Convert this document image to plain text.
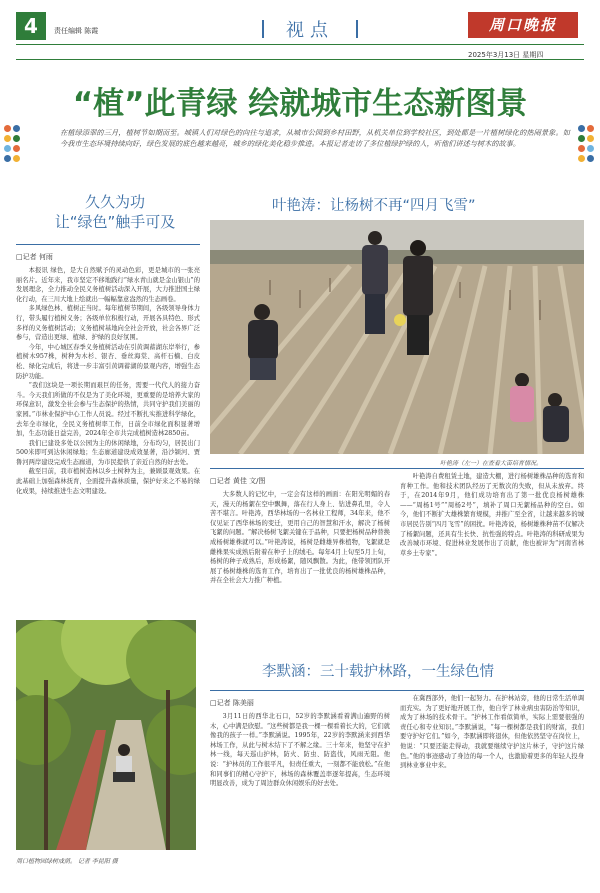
4	责任编辑 陈霞	视点	周口晚报
2025年3月13日 星期四
“植”此青绿 绘就城市生态新图景
在植绿添翠的三月，植树节如期而至。城镇人们对绿色的向往与追求，从城市公园到乡村田野，从机关单位到学校社区，到处都是一片植树绿化的热闹景象。如今我市生态环境持续向好，绿色发展的底色越来越亮，城乡的绿化美化稳步推进。本报记者走访了多位植绿护绿的人，听他们讲述与树木的故事。
久久为功
让“绿色”触手可及
□记者 何雨

本报讯 绿色，是大自然赋予的灵动色彩，更是城市的一张亮丽名片。近年来，我市坚定不移地践行“绿水青山就是金山银山”的发展理念，全力推动全民义务植树活动深入开展，大力推进国土绿化行动，在三川大地上绘就出一幅幅靠意盎然的生态画卷。

多风绿色林、植树正当时。每年植树节期间，各级领导身体力行，带头履行植树义务；各级单位积极行动，开展各具特色、形式多样的义务植树活动；义务植树基地向全社会开放，社会各界广泛参与，营造出更绿、植绿、护绿的良好氛围。

今年，中心城区春季义务植树活动在引黄调蓄湖东岸举行，参植树木957株，树种为木杉、银杏、垂丝海棠、高杆石楠、白皮松、绿化完成后，将进一步丰富引黄调蓄湖的景观内容，增强生态防护功能。

“我们这块是一项长期而艰巨的任务，需要一代代人的接力奋斗。今天我们所做的不仅是为了美化环境，更重要的是培养大家的环保意识，激发全社会参与生态保护的热情，共同守护我们美丽的家园。”市林业保护中心工作人员说。经过不断扎实推进科学绿化，去年全市绿化，全民义务植树率工作，日前全市绿化面积显著增加，生态功能日益完善，2024年全市共完成植树造林2850亩。

我们已建设多处以公园为主的休闲绿地，分布均匀，居民出门500米即可到达休闲绿地；生态廊道建设成效显著，沿沙颍河、贾鲁河两岸建设完成生态廊道，为市民提供了亲近自然的好去处。

截至目前，我市植树造林以乡土树种为主，兼顾景观效果。在此基础上加强森林抚育，全面提升森林质量，保护好来之不易的绿化成果，持续推进生态文明建设。

叶艳涛：让杨树不再“四月飞雪”
叶艳涛（左一）在查看大苗培育情况。
□记者 黄佳 文/图
大多数人的记忆中，一定会有这样的画面：在阳光明媚的春天，漫天的杨絮在空中飘舞，落在行人身上、钻进鼻孔里，令人苦不堪言。叶艳涛，西华林场的一名林业工程师，34年来，他不仅见证了西华林场的变迁，更用自己的智慧和汗水，解决了杨树飞絮的问题。“解决杨树飞絮关键在于品种，只要把杨树品种替换成杨树雄株就可以。”叶艳涛说，杨树是雌雄异株植物，飞絮就是雌株果实成熟后附着在种子上的绒毛。每年4月上旬至5月上旬，杨树的种子成熟后，形成杨絮，随风飘散。为此，他带领团队开展了杨树雄株的选育工作，培育出了一批优良的杨树雄株品种，并在全社会大力推广种植。
叶艳涛自费租赁土地，建造大棚，进行杨树雄株品种的选育和育种工作。他和技术团队经历了无数次的失败，但从未放弃。终于，在2014年9月，他们成功培育出了第一批优良杨树雄株——“周杨1号”“周杨2号”，填补了周口无絮杨品种的空白。如今，他们不断扩大雄株繁育规模，并推广至全省，让越来越多的城市居民告别“四月飞雪”的困扰。叶艳涛说，杨树雄株种苗不仅解决了杨絮问题，还具有生长快、抗性强的特点。叶艳涛的科研成果为改善城市环境、促进林业发展作出了贡献，他也被评为“河南省林草乡土专家”。
李默涵：三十载护林路，一生绿色情
□记者 陈美丽
3月11日的西华北石口，52岁的李默涵看着满山遍野的树木，心中满是欣慰。“这些树都是我一棵一棵看着长大的，它们就像我的孩子一样。”李默涵说。1995年，22岁的李默涵来到西华林场工作，从此与树木结下了不解之缘。三十年来，他坚守在护林一线，每天巡山护林，防火、防虫、防盗伐，风雨无阻。他说：“护林员的工作很平凡，但责任重大，一刻都不能放松。”在他和同事们的精心守护下，林场的森林覆盖率逐年提高，生态环境明显改善，成为了周边群众休闲娱乐的好去处。
在冀西部外，他们一起努力。在护林站旁，他的日常生活单调而充实。为了更好地开展工作，他自学了林业病虫害防治等知识，成为了林场的技术骨干。“护林工作看似简单，实际上需要很强的责任心和专业知识。”李默涵说，“每一棵树都是我们的财富，我们要守护好它们。”如今，李默涵即将退休，但他依然坚守在岗位上，他说：“只要还能走得动，我就要继续守护这片林子，守护这片绿色。”他的事迹感动了身边的每一个人，也激励着更多的年轻人投身到林业事业中来。
周口植物园绿树成荫。 记者 李昆阳 摄
